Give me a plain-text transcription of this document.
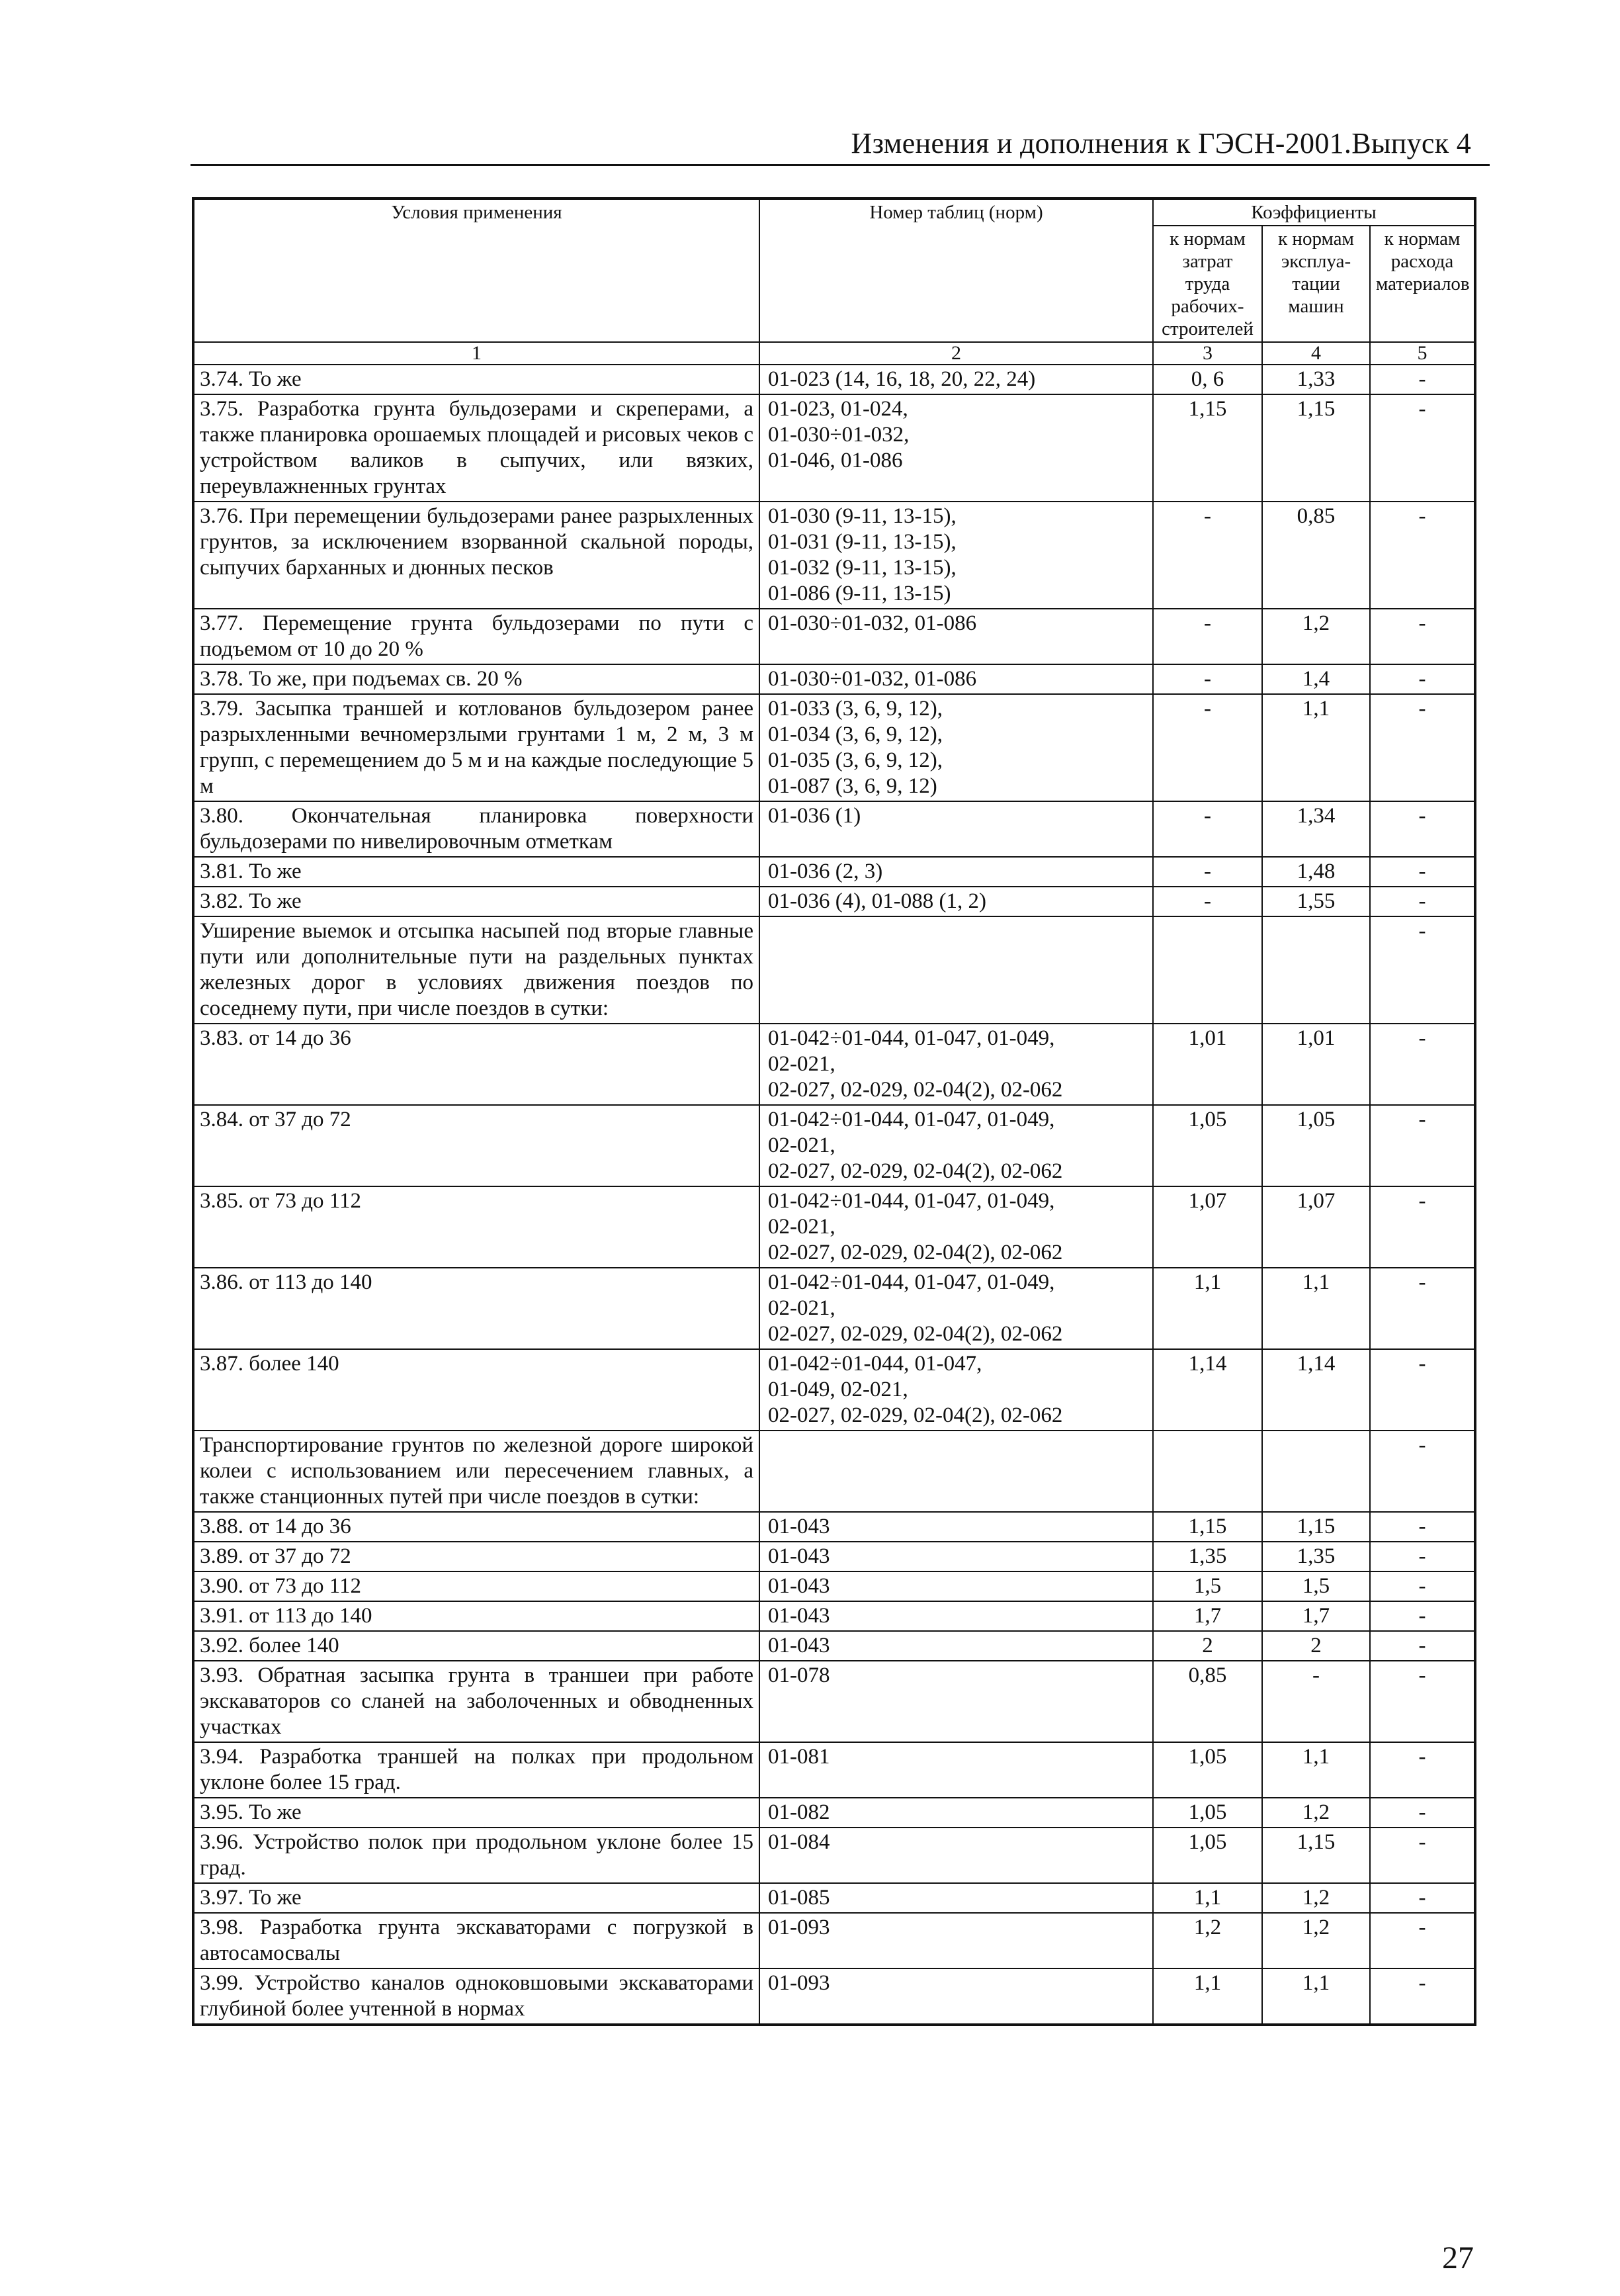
Изменения и дополнения к ГЭСН-2001.Выпуск 4
Условия применения	Номер таблиц (норм)	Коэффициенты		
		к нормам затрат труда рабочих-строителей	к нормам эксплуа-тации машин	к нормам расхода материалов
1	2	3	4	5
3.74. То же	01-023 (14, 16, 18, 20, 22, 24)	0, 6	1,33	-
3.75. Разработка грунта бульдозерами и скреперами, а также планировка орошаемых площадей и рисовых чеков с устройством валиков в сыпучих, или вязких, переувлажненных грунтах	01-023, 01-024,
01-030÷01-032,
01-046, 01-086	1,15	1,15	-
3.76. При перемещении бульдозерами ранее разрыхленных грунтов, за исключением взорванной скальной породы, сыпучих барханных и дюнных песков	01-030 (9-11, 13-15),
01-031 (9-11, 13-15),
01-032 (9-11, 13-15),
01-086 (9-11, 13-15)	-	0,85	-
3.77. Перемещение грунта бульдозерами по пути с подъемом от 10 до 20 %	01-030÷01-032, 01-086	-	1,2	-
3.78. То же, при подъемах св. 20 %	01-030÷01-032, 01-086	-	1,4	-
3.79. Засыпка траншей и котлованов бульдозером ранее разрыхленными вечномерзлыми грунтами 1 м, 2 м, 3 м групп, с перемещением до 5 м и на каждые последующие 5 м	01-033 (3, 6, 9, 12),
01-034 (3, 6, 9, 12),
01-035 (3, 6, 9, 12),
01-087 (3, 6, 9, 12)	-	1,1	-
3.80. Окончательная планировка поверхности бульдозерами по нивелировочным отметкам	01-036 (1)	-	1,34	-
3.81. То же	01-036 (2, 3)	-	1,48	-
3.82. То же	01-036 (4), 01-088 (1, 2)	-	1,55	-
Уширение выемок и отсыпка насыпей под вторые главные пути или дополнительные пути на раздельных пунктах железных дорог в условиях движения поездов по соседнему пути, при числе поездов в сутки:				-
3.83. от 14 до 36	01-042÷01-044, 01-047, 01-049,
02-021,
02-027, 02-029, 02-04(2), 02-062	1,01	1,01	-
3.84. от 37 до 72	01-042÷01-044, 01-047, 01-049,
02-021,
02-027, 02-029, 02-04(2), 02-062	1,05	1,05	-
3.85. от 73 до 112	01-042÷01-044, 01-047, 01-049,
02-021,
02-027, 02-029, 02-04(2), 02-062	1,07	1,07	-
3.86. от 113 до 140	01-042÷01-044, 01-047, 01-049,
02-021,
02-027, 02-029, 02-04(2), 02-062	1,1	1,1	-
3.87. более 140	01-042÷01-044, 01-047,
01-049, 02-021,
02-027, 02-029, 02-04(2), 02-062	1,14	1,14	-
Транспортирование грунтов по железной дороге широкой колеи с использованием или пересечением главных, а также станционных путей при числе поездов в сутки:				-
3.88. от 14 до 36	01-043	1,15	1,15	-
3.89. от 37 до 72	01-043	1,35	1,35	-
3.90. от 73 до 112	01-043	1,5	1,5	-
3.91. от 113 до 140	01-043	1,7	1,7	-
3.92. более 140	01-043	2	2	-
3.93. Обратная засыпка грунта в траншеи при работе экскаваторов со сланей на заболоченных и обводненных участках	01-078	0,85	-	-
3.94. Разработка траншей на полках при продольном уклоне более 15 град.	01-081	1,05	1,1	-
3.95. То же	01-082	1,05	1,2	-
3.96. Устройство полок при продольном уклоне более 15 град.	01-084	1,05	1,15	-
3.97. То же	01-085	1,1	1,2	-
3.98. Разработка грунта экскаваторами с погрузкой в автосамосвалы	01-093	1,2	1,2	-
3.99. Устройство каналов одноковшовыми экскаваторами глубиной более учтенной в нормах	01-093	1,1	1,1	-
27
